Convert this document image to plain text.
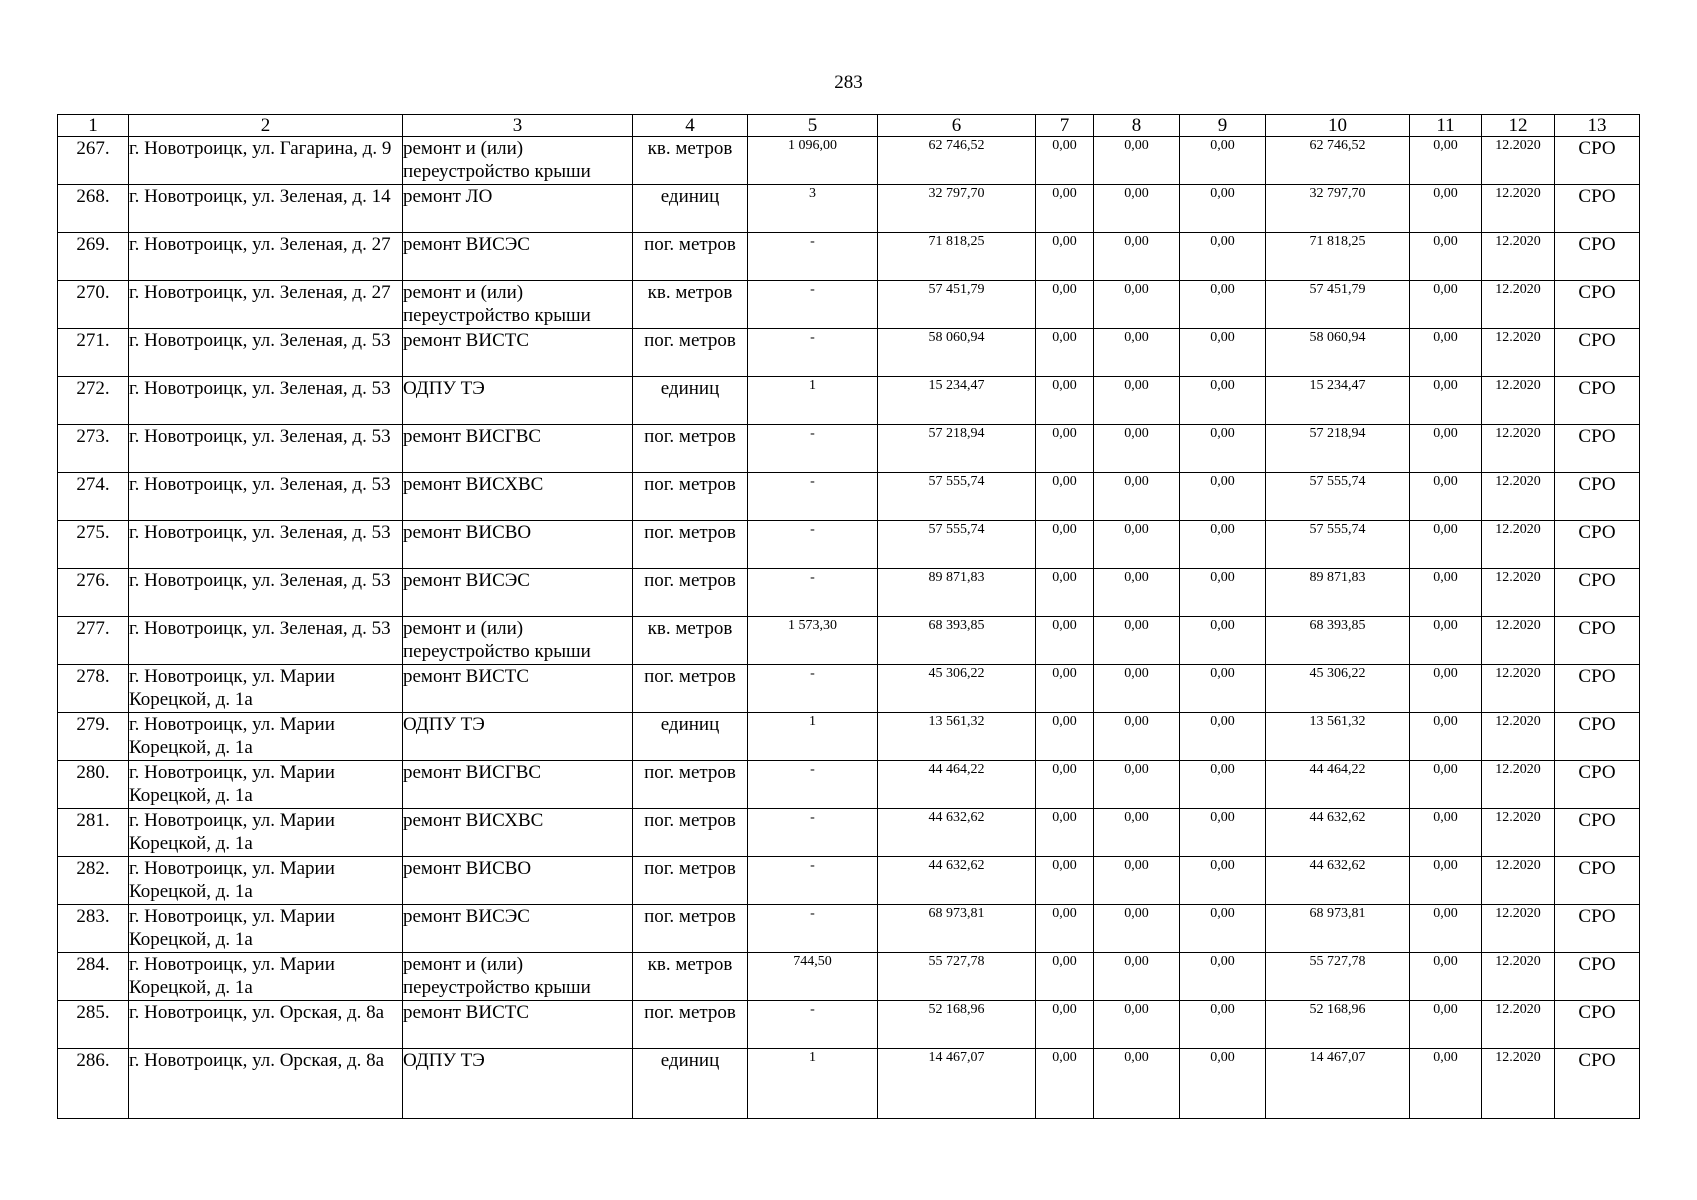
283
1	2	3	4	5	6	7	8	9	10	11	12	13
267.	г. Новотроицк, ул. Гагарина, д. 9	ремонт и (или) переустройство крыши	кв. метров	1 096,00	62 746,52	0,00	0,00	0,00	62 746,52	0,00	12.2020	СРО
268.	г. Новотроицк, ул. Зеленая, д. 14	ремонт ЛО	единиц	3	32 797,70	0,00	0,00	0,00	32 797,70	0,00	12.2020	СРО
269.	г. Новотроицк, ул. Зеленая, д. 27	ремонт ВИСЭС	пог. метров	-	71 818,25	0,00	0,00	0,00	71 818,25	0,00	12.2020	СРО
270.	г. Новотроицк, ул. Зеленая, д. 27	ремонт и (или) переустройство крыши	кв. метров	-	57 451,79	0,00	0,00	0,00	57 451,79	0,00	12.2020	СРО
271.	г. Новотроицк, ул. Зеленая, д. 53	ремонт ВИСТС	пог. метров	-	58 060,94	0,00	0,00	0,00	58 060,94	0,00	12.2020	СРО
272.	г. Новотроицк, ул. Зеленая, д. 53	ОДПУ ТЭ	единиц	1	15 234,47	0,00	0,00	0,00	15 234,47	0,00	12.2020	СРО
273.	г. Новотроицк, ул. Зеленая, д. 53	ремонт ВИСГВС	пог. метров	-	57 218,94	0,00	0,00	0,00	57 218,94	0,00	12.2020	СРО
274.	г. Новотроицк, ул. Зеленая, д. 53	ремонт ВИСХВС	пог. метров	-	57 555,74	0,00	0,00	0,00	57 555,74	0,00	12.2020	СРО
275.	г. Новотроицк, ул. Зеленая, д. 53	ремонт ВИСВО	пог. метров	-	57 555,74	0,00	0,00	0,00	57 555,74	0,00	12.2020	СРО
276.	г. Новотроицк, ул. Зеленая, д. 53	ремонт ВИСЭС	пог. метров	-	89 871,83	0,00	0,00	0,00	89 871,83	0,00	12.2020	СРО
277.	г. Новотроицк, ул. Зеленая, д. 53	ремонт и (или) переустройство крыши	кв. метров	1 573,30	68 393,85	0,00	0,00	0,00	68 393,85	0,00	12.2020	СРО
278.	г. Новотроицк, ул. Марии Корецкой, д. 1а	ремонт ВИСТС	пог. метров	-	45 306,22	0,00	0,00	0,00	45 306,22	0,00	12.2020	СРО
279.	г. Новотроицк, ул. Марии Корецкой, д. 1а	ОДПУ ТЭ	единиц	1	13 561,32	0,00	0,00	0,00	13 561,32	0,00	12.2020	СРО
280.	г. Новотроицк, ул. Марии Корецкой, д. 1а	ремонт ВИСГВС	пог. метров	-	44 464,22	0,00	0,00	0,00	44 464,22	0,00	12.2020	СРО
281.	г. Новотроицк, ул. Марии Корецкой, д. 1а	ремонт ВИСХВС	пог. метров	-	44 632,62	0,00	0,00	0,00	44 632,62	0,00	12.2020	СРО
282.	г. Новотроицк, ул. Марии Корецкой, д. 1а	ремонт ВИСВО	пог. метров	-	44 632,62	0,00	0,00	0,00	44 632,62	0,00	12.2020	СРО
283.	г. Новотроицк, ул. Марии Корецкой, д. 1а	ремонт ВИСЭС	пог. метров	-	68 973,81	0,00	0,00	0,00	68 973,81	0,00	12.2020	СРО
284.	г. Новотроицк, ул. Марии Корецкой, д. 1а	ремонт и (или) переустройство крыши	кв. метров	744,50	55 727,78	0,00	0,00	0,00	55 727,78	0,00	12.2020	СРО
285.	г. Новотроицк, ул. Орская, д. 8а	ремонт ВИСТС	пог. метров	-	52 168,96	0,00	0,00	0,00	52 168,96	0,00	12.2020	СРО
286.	г. Новотроицк, ул. Орская, д. 8а	ОДПУ ТЭ	единиц	1	14 467,07	0,00	0,00	0,00	14 467,07	0,00	12.2020	СРО
